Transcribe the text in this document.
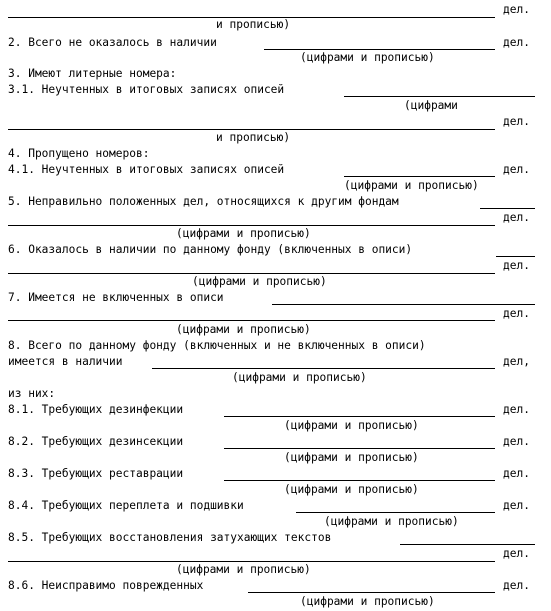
дел.
и прописью)
2. Всего не оказалось в наличии	дел.
(цифрами и прописью)
3. Имеют литерные номера:
3.1. Неучтенных в итоговых записях описей
(цифрами
дел.
и прописью)
4. Пропущено номеров:
4.1. Неучтенных в итоговых записях описей	дел.
(цифрами и прописью)
5. Неправильно положенных дел, относящихся к другим фондам
дел.
(цифрами и прописью)
6. Оказалось в наличии по данному фонду (включенных в описи)
дел.
(цифрами и прописью)
7. Имеется не включенных в описи
дел.
(цифрами и прописью)
8. Всего по данному фонду (включенных и не включенных в описи)
имеется в наличии	дел,
(цифрами и прописью)
из них:
8.1. Требующих дезинфекции	дел.
(цифрами и прописью)
8.2. Требующих дезинсекции	дел.
(цифрами и прописью)
8.3. Требующих реставрации	дел.
(цифрами и прописью)
8.4. Требующих переплета и подшивки	дел.
(цифрами и прописью)
8.5. Требующих восстановления затухающих текстов
дел.
(цифрами и прописью)
8.6. Неисправимо поврежденных	дел.
(цифрами и прописью)
